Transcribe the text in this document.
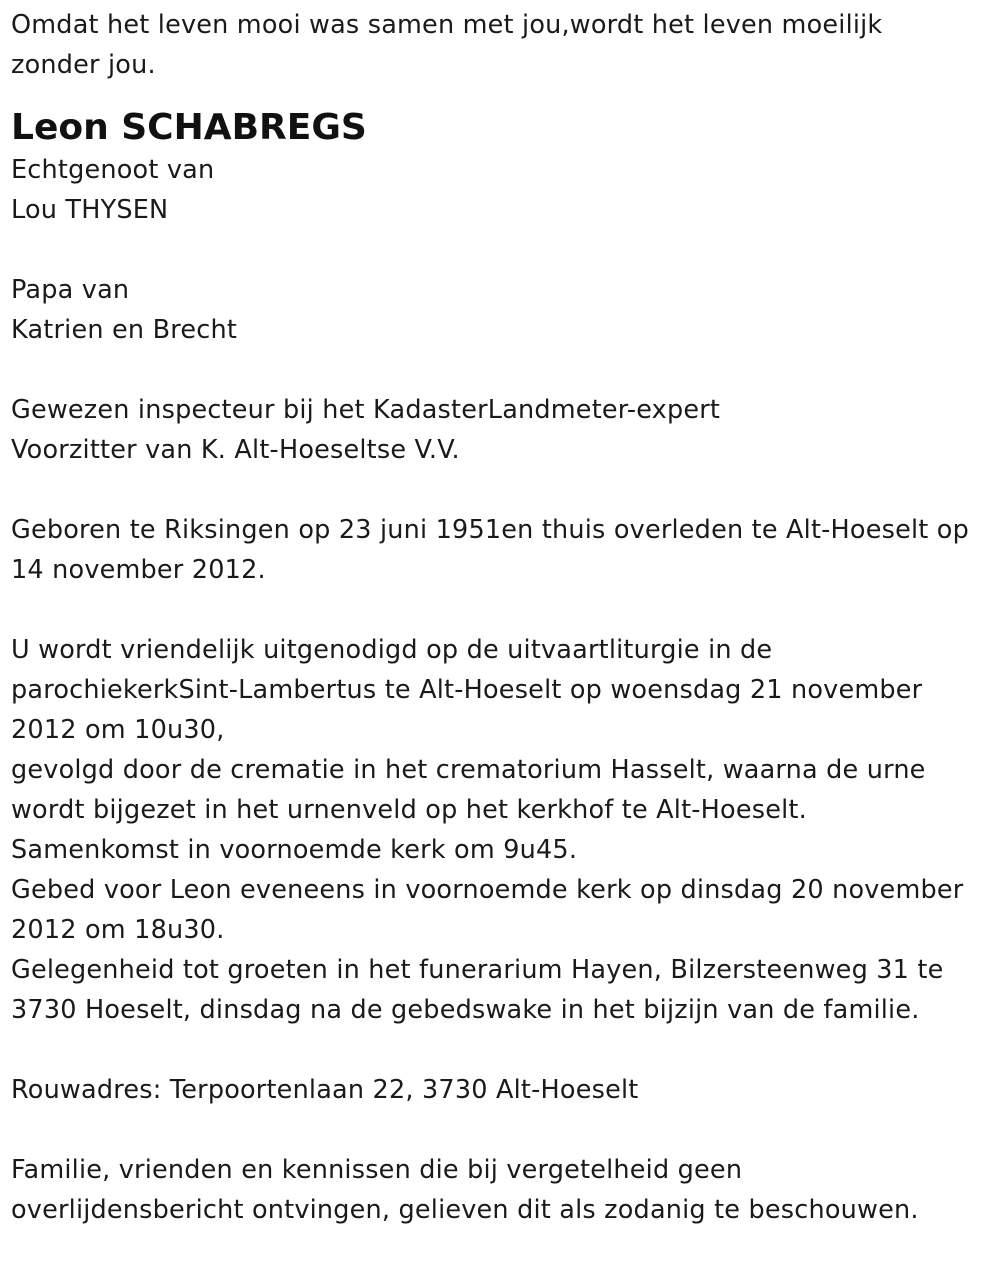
Omdat het leven mooi was samen met jou,wordt het leven moeilijk
zonder jou.
Leon SCHABREGS
Echtgenoot van
Lou THYSEN
Papa van
Katrien en Brecht
Gewezen inspecteur bij het KadasterLandmeter-expert
Voorzitter van K. Alt-Hoeseltse V.V.
Geboren te Riksingen op 23 juni 1951en thuis overleden te Alt-Hoeselt op
14 november 2012.
U wordt vriendelijk uitgenodigd op de uitvaartliturgie in de
parochiekerkSint-Lambertus te Alt-Hoeselt op woensdag 21 november
2012 om 10u30,
gevolgd door de crematie in het crematorium Hasselt, waarna de urne
wordt bijgezet in het urnenveld op het kerkhof te Alt-Hoeselt.
Samenkomst in voornoemde kerk om 9u45.
Gebed voor Leon eveneens in voornoemde kerk op dinsdag 20 november
2012 om 18u30.
Gelegenheid tot groeten in het funerarium Hayen, Bilzersteenweg 31 te
3730 Hoeselt, dinsdag na de gebedswake in het bijzijn van de familie.
Rouwadres: Terpoortenlaan 22, 3730 Alt-Hoeselt
Familie, vrienden en kennissen die bij vergetelheid geen
overlijdensbericht ontvingen, gelieven dit als zodanig te beschouwen.
